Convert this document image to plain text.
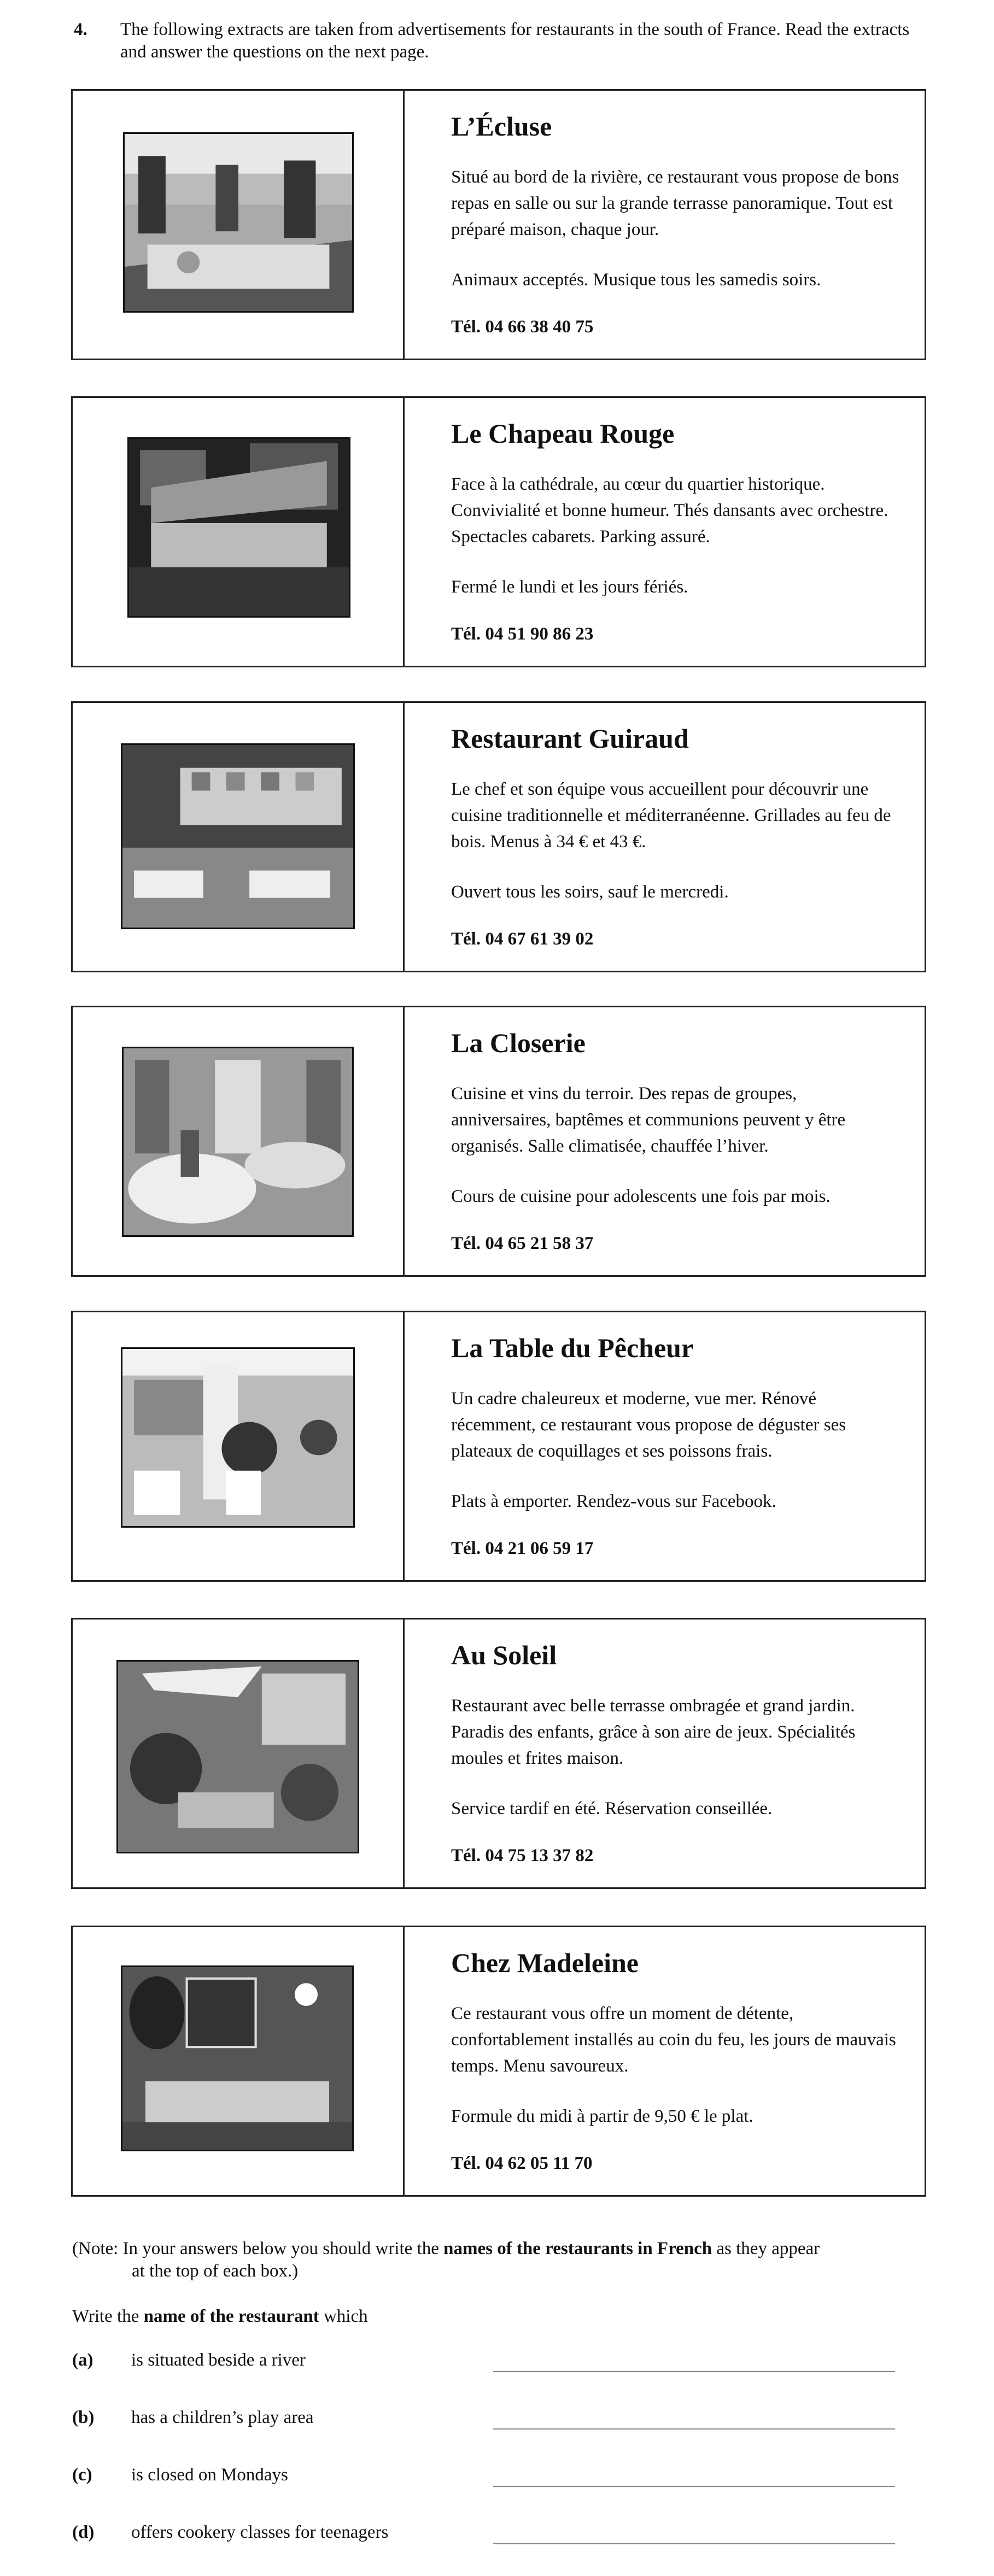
4. The following extracts are taken from advertisements for restaurants in the south of France. Read the extracts and answer the questions on the next page.
L’Écluse
Situé au bord de la rivière, ce restaurant vous propose de bons repas en salle ou sur la grande terrasse panoramique. Tout est préparé maison, chaque jour.
Animaux acceptés. Musique tous les samedis soirs.
Tél. 04 66 38 40 75
Le Chapeau Rouge
Face à la cathédrale, au cœur du quartier historique. Convivialité et bonne humeur. Thés dansants avec orchestre. Spectacles cabarets. Parking assuré.
Fermé le lundi et les jours fériés.
Tél. 04 51 90 86 23
Restaurant Guiraud
Le chef et son équipe vous accueillent pour découvrir une cuisine traditionnelle et méditerranéenne. Grillades au feu de bois. Menus à 34 € et 43 €.
Ouvert tous les soirs, sauf le mercredi.
Tél. 04 67 61 39 02
La Closerie
Cuisine et vins du terroir. Des repas de groupes, anniversaires, baptêmes et communions peuvent y être organisés. Salle climatisée, chauffée l’hiver.
Cours de cuisine pour adolescents une fois par mois.
Tél. 04 65 21 58 37
La Table du Pêcheur
Un cadre chaleureux et moderne, vue mer. Rénové récemment, ce restaurant vous propose de déguster ses plateaux de coquillages et ses poissons frais.
Plats à emporter. Rendez-vous sur Facebook.
Tél. 04 21 06 59 17
Au Soleil
Restaurant avec belle terrasse ombragée et grand jardin. Paradis des enfants, grâce à son aire de jeux. Spécialités moules et frites maison.
Service tardif en été. Réservation conseillée.
Tél. 04 75 13 37 82
Chez Madeleine
Ce restaurant vous offre un moment de détente, confortablement installés au coin du feu, les jours de mauvais temps. Menu savoureux.
Formule du midi à partir de 9,50 € le plat.
Tél. 04 62 05 11 70
(Note: In your answers below you should write the names of the restaurants in French as they appear
at the top of each box.)
Write the name of the restaurant which
(a) is situated beside a river
(b) has a children’s play area
(c) is closed on Mondays
(d) offers cookery classes for teenagers
